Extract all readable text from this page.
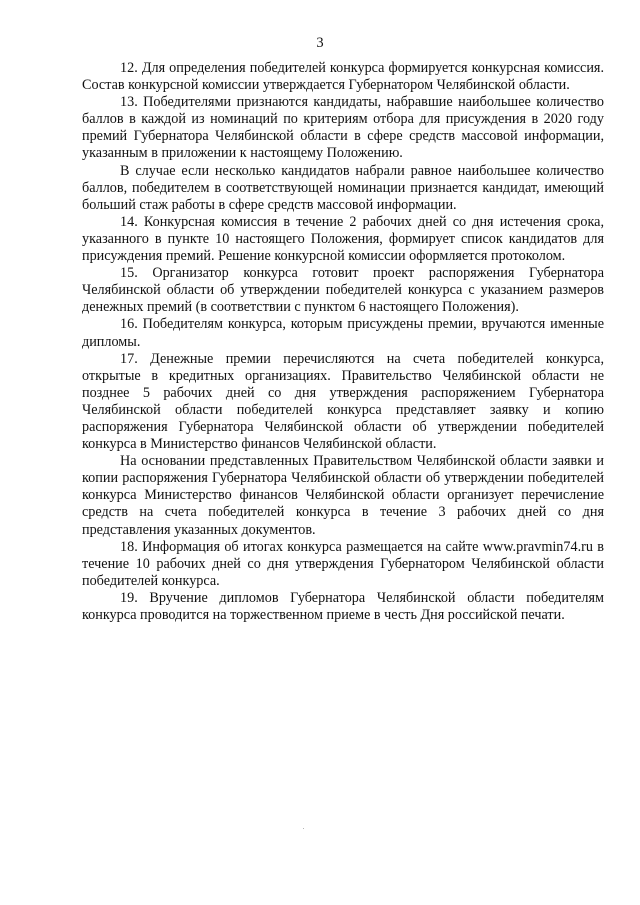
3

12. Для определения победителей конкурса формируется конкурсная комиссия. Состав конкурсной комиссии утверждается Губернатором Челябинской области.

13. Победителями признаются кандидаты, набравшие наибольшее количество баллов в каждой из номинаций по критериям отбора для присуждения в 2020 году премий Губернатора Челябинской области в сфере средств массовой информации, указанным в приложении к настоящему Положению.

В случае если несколько кандидатов набрали равное наибольшее количество баллов, победителем в соответствующей номинации признается кандидат, имеющий больший стаж работы в сфере средств массовой информации.

14. Конкурсная комиссия в течение 2 рабочих дней со дня истечения срока, указанного в пункте 10 настоящего Положения, формирует список кандидатов для присуждения премий. Решение конкурсной комиссии оформляется протоколом.

15. Организатор конкурса готовит проект распоряжения Губернатора Челябинской области об утверждении победителей конкурса с указанием размеров денежных премий (в соответствии с пунктом 6 настоящего Положения).

16. Победителям конкурса, которым присуждены премии, вручаются именные дипломы.

17. Денежные премии перечисляются на счета победителей конкурса, открытые в кредитных организациях. Правительство Челябинской области не позднее 5 рабочих дней со дня утверждения распоряжением Губернатора Челябинской области победителей конкурса представляет заявку и копию распоряжения Губернатора Челябинской области об утверждении победителей конкурса в Министерство финансов Челябинской области.

На основании представленных Правительством Челябинской области заявки и копии распоряжения Губернатора Челябинской области об утверждении победителей конкурса Министерство финансов Челябинской области организует перечисление средств на счета победителей конкурса в течение 3 рабочих дней со дня представления указанных документов.

18. Информация об итогах конкурса размещается на сайте www.pravmin74.ru в течение 10 рабочих дней со дня утверждения Губернатором Челябинской области победителей конкурса.

19. Вручение дипломов Губернатора Челябинской области победителям конкурса проводится на торжественном приеме в честь Дня российской печати.
